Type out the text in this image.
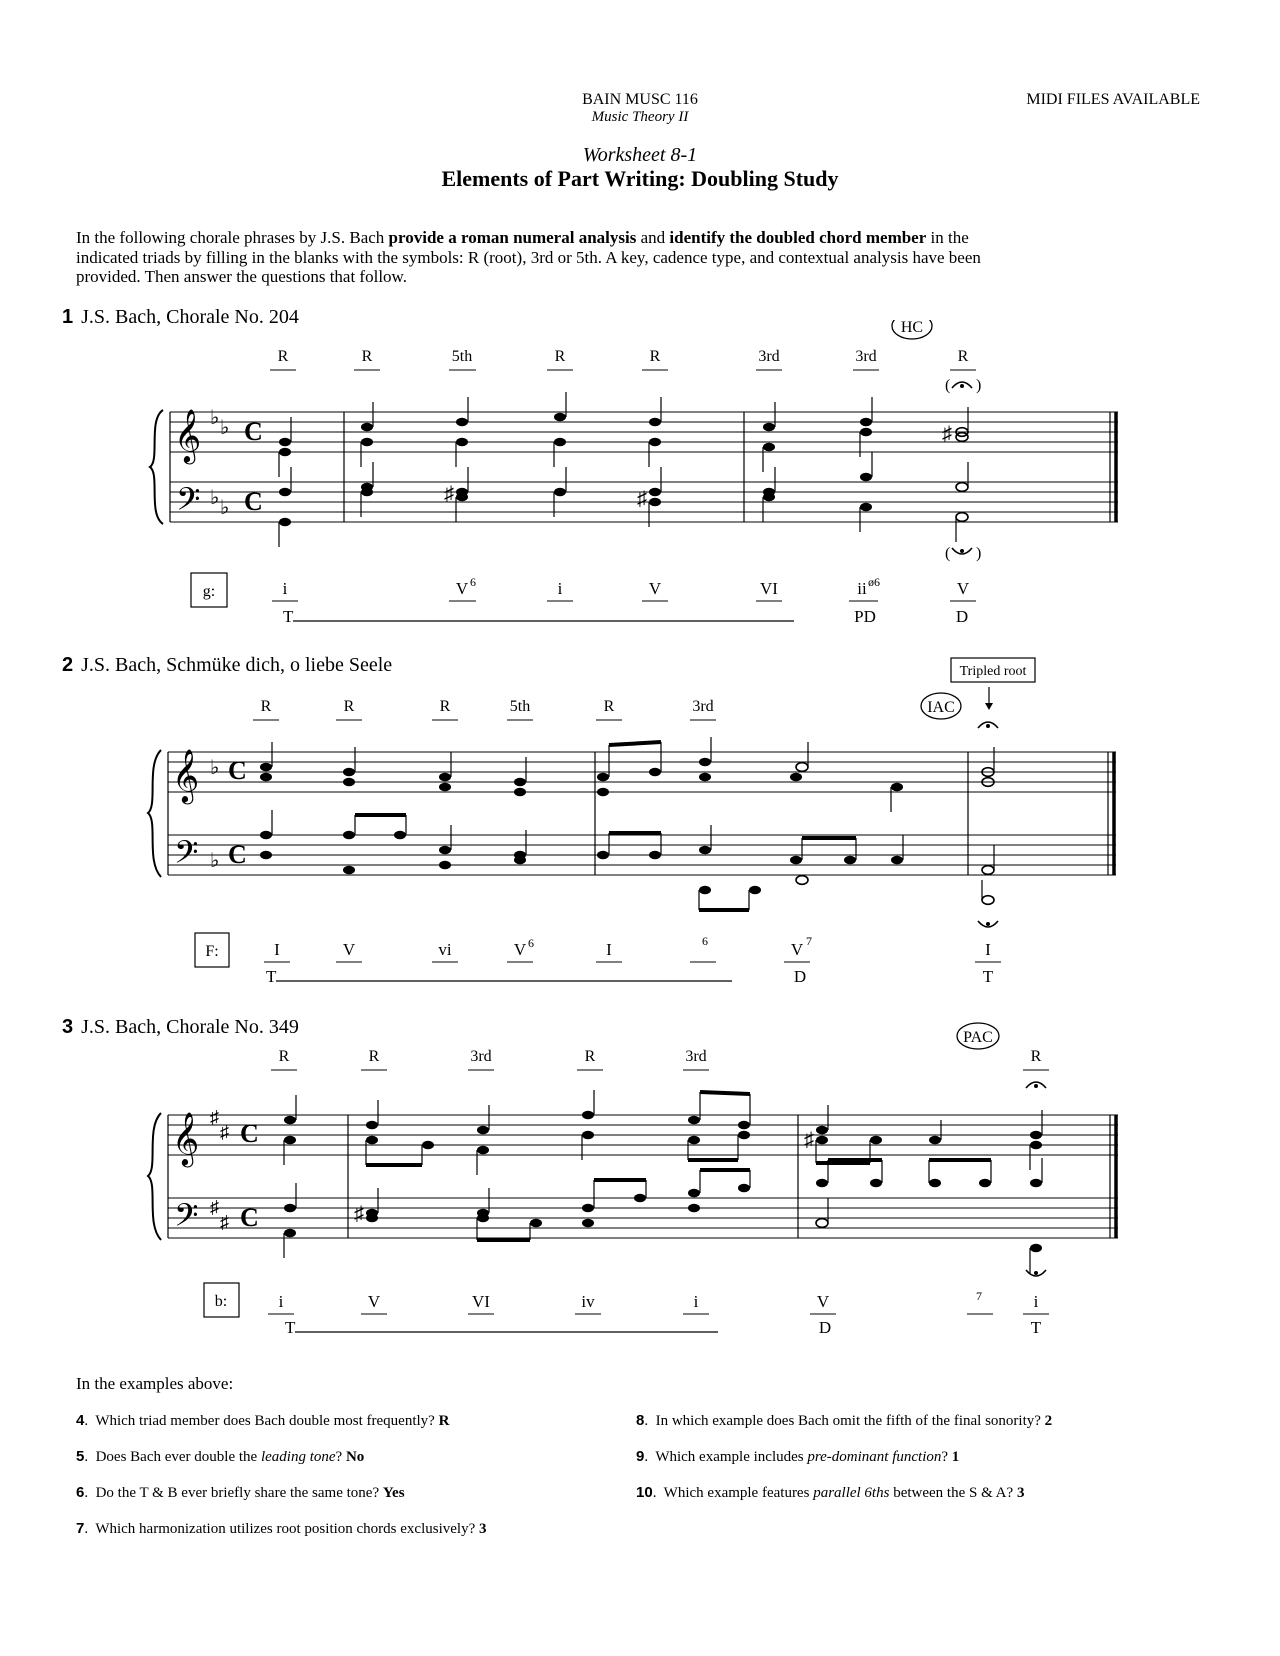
BAIN MUSC 116
Music Theory II
MIDI FILES AVAILABLE
Worksheet 8-1
Elements of Part Writing: Doubling Study
In the following chorale phrases by J.S. Bach provide a roman numeral analysis and identify the doubled chord member in the indicated triads by filling in the blanks with the symbols: R (root), 3rd or 5th. A key, cadence type, and contextual analysis have been provided. Then answer the questions that follow.
1 J.S. Bach, Chorale No. 204
2 J.S. Bach, Schmüke dich, o liebe Seele
3 J.S. Bach, Chorale No. 349
HC
R	R	5th	R	R	3rd	3rd	R
( )
𝄞
𝄢
♭ ♭
♭ ♭
C
C
♯
♯	♯
( )
g:	i	V	i	V	VI	ii	V
6	ø6
T	PD	D
Tripled root
IAC
R	R	R	5th	R	3rd
𝄞
𝄢
♭
♭
C
C
F:	I	V	vi	V	I	V	I
6	6	7
T	D	T
PAC
R	R	3rd	R	3rd	R
𝄞
𝄢
♯
♯
♯
♯
C
C	♯
♯
b:	i	V	VI	iv	i	V	i
7
T	D	T
In the examples above:
4.  Which triad member does Bach double most frequently? R
5.  Does Bach ever double the leading tone? No
6.  Do the T & B ever briefly share the same tone? Yes
7.  Which harmonization utilizes root position chords exclusively? 3
8.  In which example does Bach omit the fifth of the final sonority? 2
9.  Which example includes pre-dominant function? 1
10.  Which example features parallel 6ths between the S & A? 3
